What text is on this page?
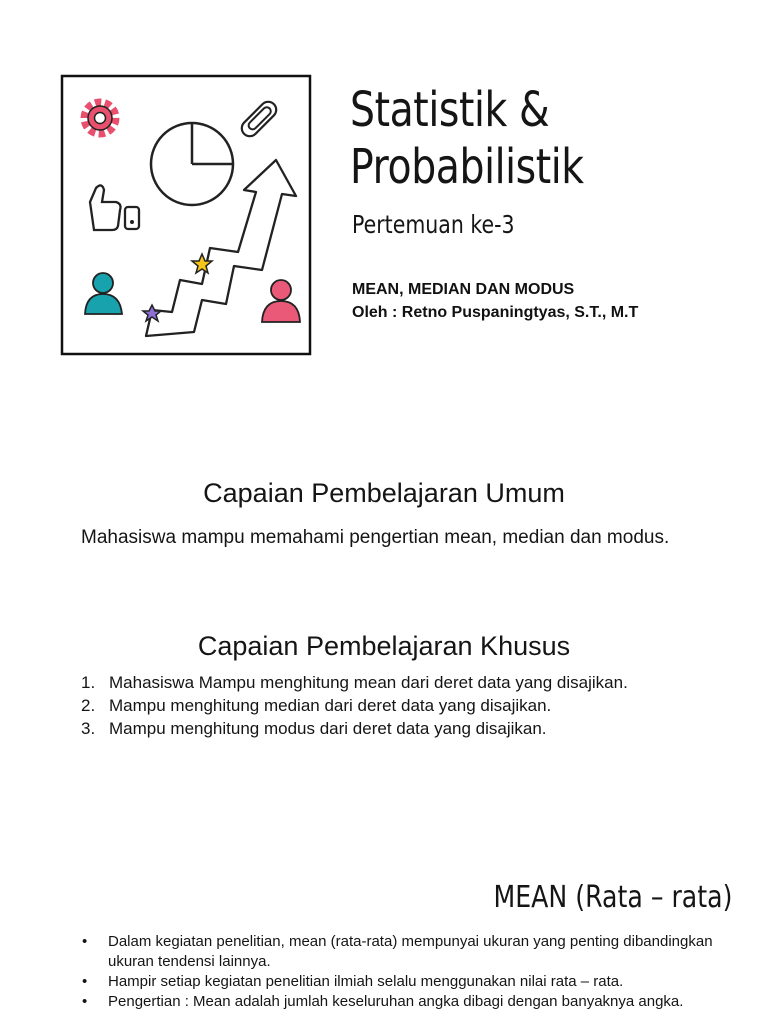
Statistik &
Probabilistik
Pertemuan ke-3
MEAN, MEDIAN DAN MODUS
Oleh : Retno Puspaningtyas, S.T., M.T
Capaian Pembelajaran Umum
Mahasiswa mampu memahami pengertian mean, median dan modus.
Capaian Pembelajaran Khusus
1. Mahasiswa Mampu menghitung mean dari deret data yang disajikan.
2. Mampu menghitung median dari deret data yang disajikan.
3. Mampu menghitung modus dari deret data yang disajikan.
MEAN (Rata – rata)
•	Dalam kegiatan penelitian, mean (rata-rata) mempunyai ukuran yang penting dibandingkan ukuran tendensi lainnya.
•	Hampir setiap kegiatan penelitian ilmiah selalu menggunakan nilai rata – rata.
•	Pengertian : Mean adalah jumlah keseluruhan angka dibagi dengan banyaknya angka.
